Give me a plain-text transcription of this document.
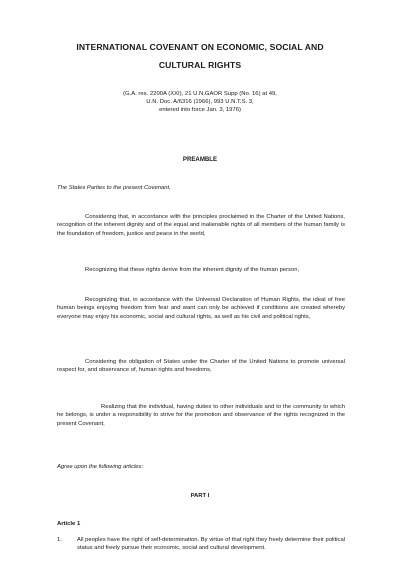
INTERNATIONAL COVENANT ON ECONOMIC, SOCIAL AND
CULTURAL RIGHTS
(G.A. res. 2200A (XXI), 21 U.N.GAOR Supp (No. 16) at 49,
U.N. Doc. A/6316 (1966), 993 U.N.T.S. 3,
entered into force Jan. 3, 1976)
PREAMBLE

The States Parties to the present Covenant,

Considering that, in accordance with the principles proclaimed in the Charter of the United Nations, recognition of the inherent dignity and of the equal and inalienable rights of all members of the human family is the foundation of freedom, justice and peace in the world,

Recognizing that these rights derive from the inherent dignity of the human person,

Recognizing that, in accordance with the Universal Declaration of Human Rights, the ideal of free human beings enjoying freedom from fear and want can only be achieved if conditions are created whereby everyone may enjoy his economic, social and cultural rights, as well as his civil and political rights,

Considering the obligation of States under the Charter of the United Nations to promote universal respect for, and observance of, human rights and freedoms,

Realizing that the individual, having duties to other individuals and to the community to which he belongs, is under a responsibility to strive for the promotion and observance of the rights recognized in the present Covenant,

Agree upon the following articles:

PART I
Article 1
1.	All peoples have the right of self-determination. By virtue of that right they freely determine their political status and freely pursue their economic, social and cultural development.
